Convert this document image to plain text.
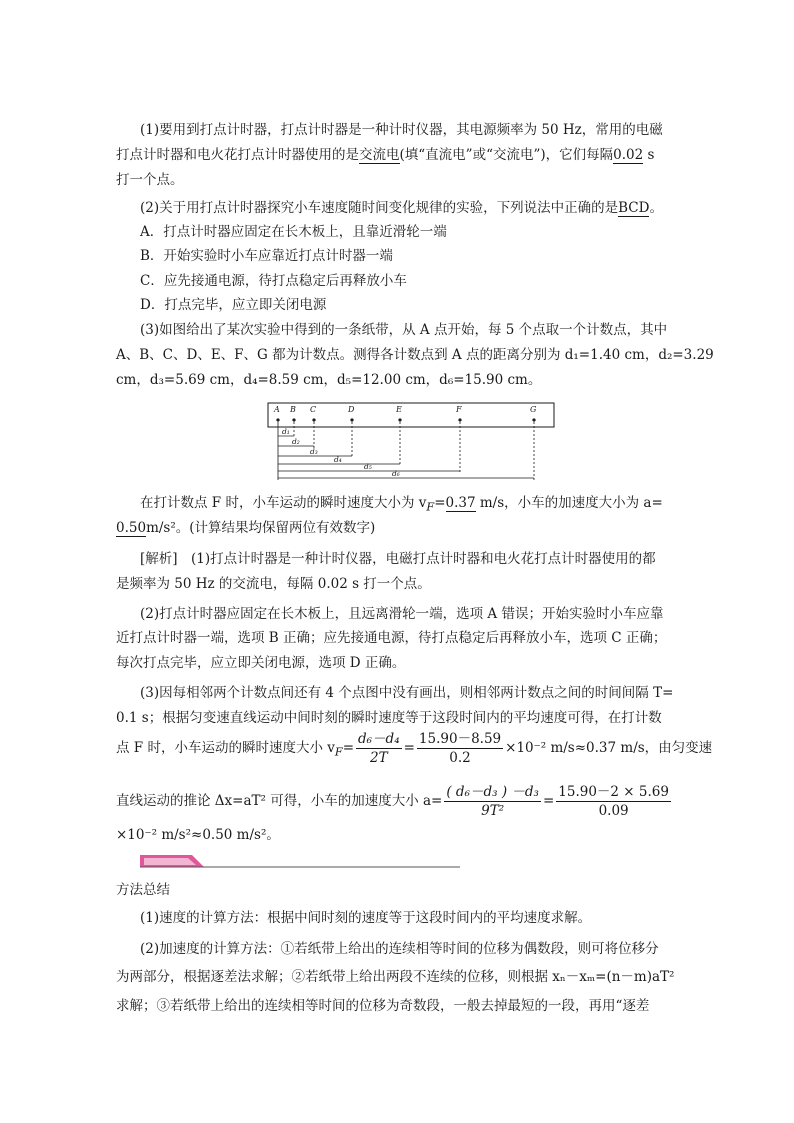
(1)要用到打点计时器，打点计时器是一种计时仪器，其电源频率为 50 Hz，常用的电磁
打点计时器和电火花打点计时器使用的是交流电(填“直流电”或“交流电”)，它们每隔0.02 s
打一个点。
(2)关于用打点计时器探究小车速度随时间变化规律的实验，下列说法中正确的是BCD。
A．打点计时器应固定在长木板上，且靠近滑轮一端
B．开始实验时小车应靠近打点计时器一端
C．应先接通电源，待打点稳定后再释放小车
D．打点完毕，应立即关闭电源
(3)如图给出了某次实验中得到的一条纸带，从 A 点开始，每 5 个点取一个计数点，其中
A、B、C、D、E、F、G 都为计数点。测得各计数点到 A 点的距离分别为 d₁=1.40 cm，d₂=3.29
cm，d₃=5.69 cm，d₄=8.59 cm，d₅=12.00 cm，d₆=15.90 cm。
A B C	D	E	F	G
d₁
d₂
d₃
d₄
d₅
d₆
在打计数点 F 时，小车运动的瞬时速度大小为 $v_F=0.37$ m/s，小车的加速度大小为 a=
0.50m/s²。(计算结果均保留两位有效数字)
[解析]　(1)打点计时器是一种计时仪器，电磁打点计时器和电火花打点计时器使用的都
是频率为 50 Hz 的交流电，每隔 0.02 s 打一个点。
(2)打点计时器应固定在长木板上，且远离滑轮一端，选项 A 错误；开始实验时小车应靠
近打点计时器一端，选项 B 正确；应先接通电源，待打点稳定后再释放小车，选项 C 正确；
每次打点完毕，应立即关闭电源，选项 D 正确。
(3)因每相邻两个计数点间还有 4 个点图中没有画出，则相邻两计数点之间的时间间隔 T=
0.1 s；根据匀变速直线运动中间时刻的瞬时速度等于这段时间内的平均速度可得，在打计数
点 F 时，小车运动的瞬时速度大小 $v_F= \frac{\text{d₆－d₄}}{2T} = \frac{15.90-8.59}{0.2} \times 10^{-2}$ m/s≈0.37 m/s，由匀变速
直线运动的推论 Δx=aT² 可得，小车的加速度大小 $a= \frac{\text{( d₆－d₃ ) －d₃}}{\text{9T²}} = \frac{15.90-2 \times 5.69}{0.09}$
×10⁻² m/s²≈0.50 m/s²。
方法总结
(1)速度的计算方法：根据中间时刻的速度等于这段时间内的平均速度求解。
(2)加速度的计算方法：①若纸带上给出的连续相等时间的位移为偶数段，则可将位移分
为两部分，根据逐差法求解；②若纸带上给出两段不连续的位移，则根据 xₙ－xₘ=(n－m)aT²
求解；③若纸带上给出的连续相等时间的位移为奇数段，一般去掉最短的一段，再用“逐差
